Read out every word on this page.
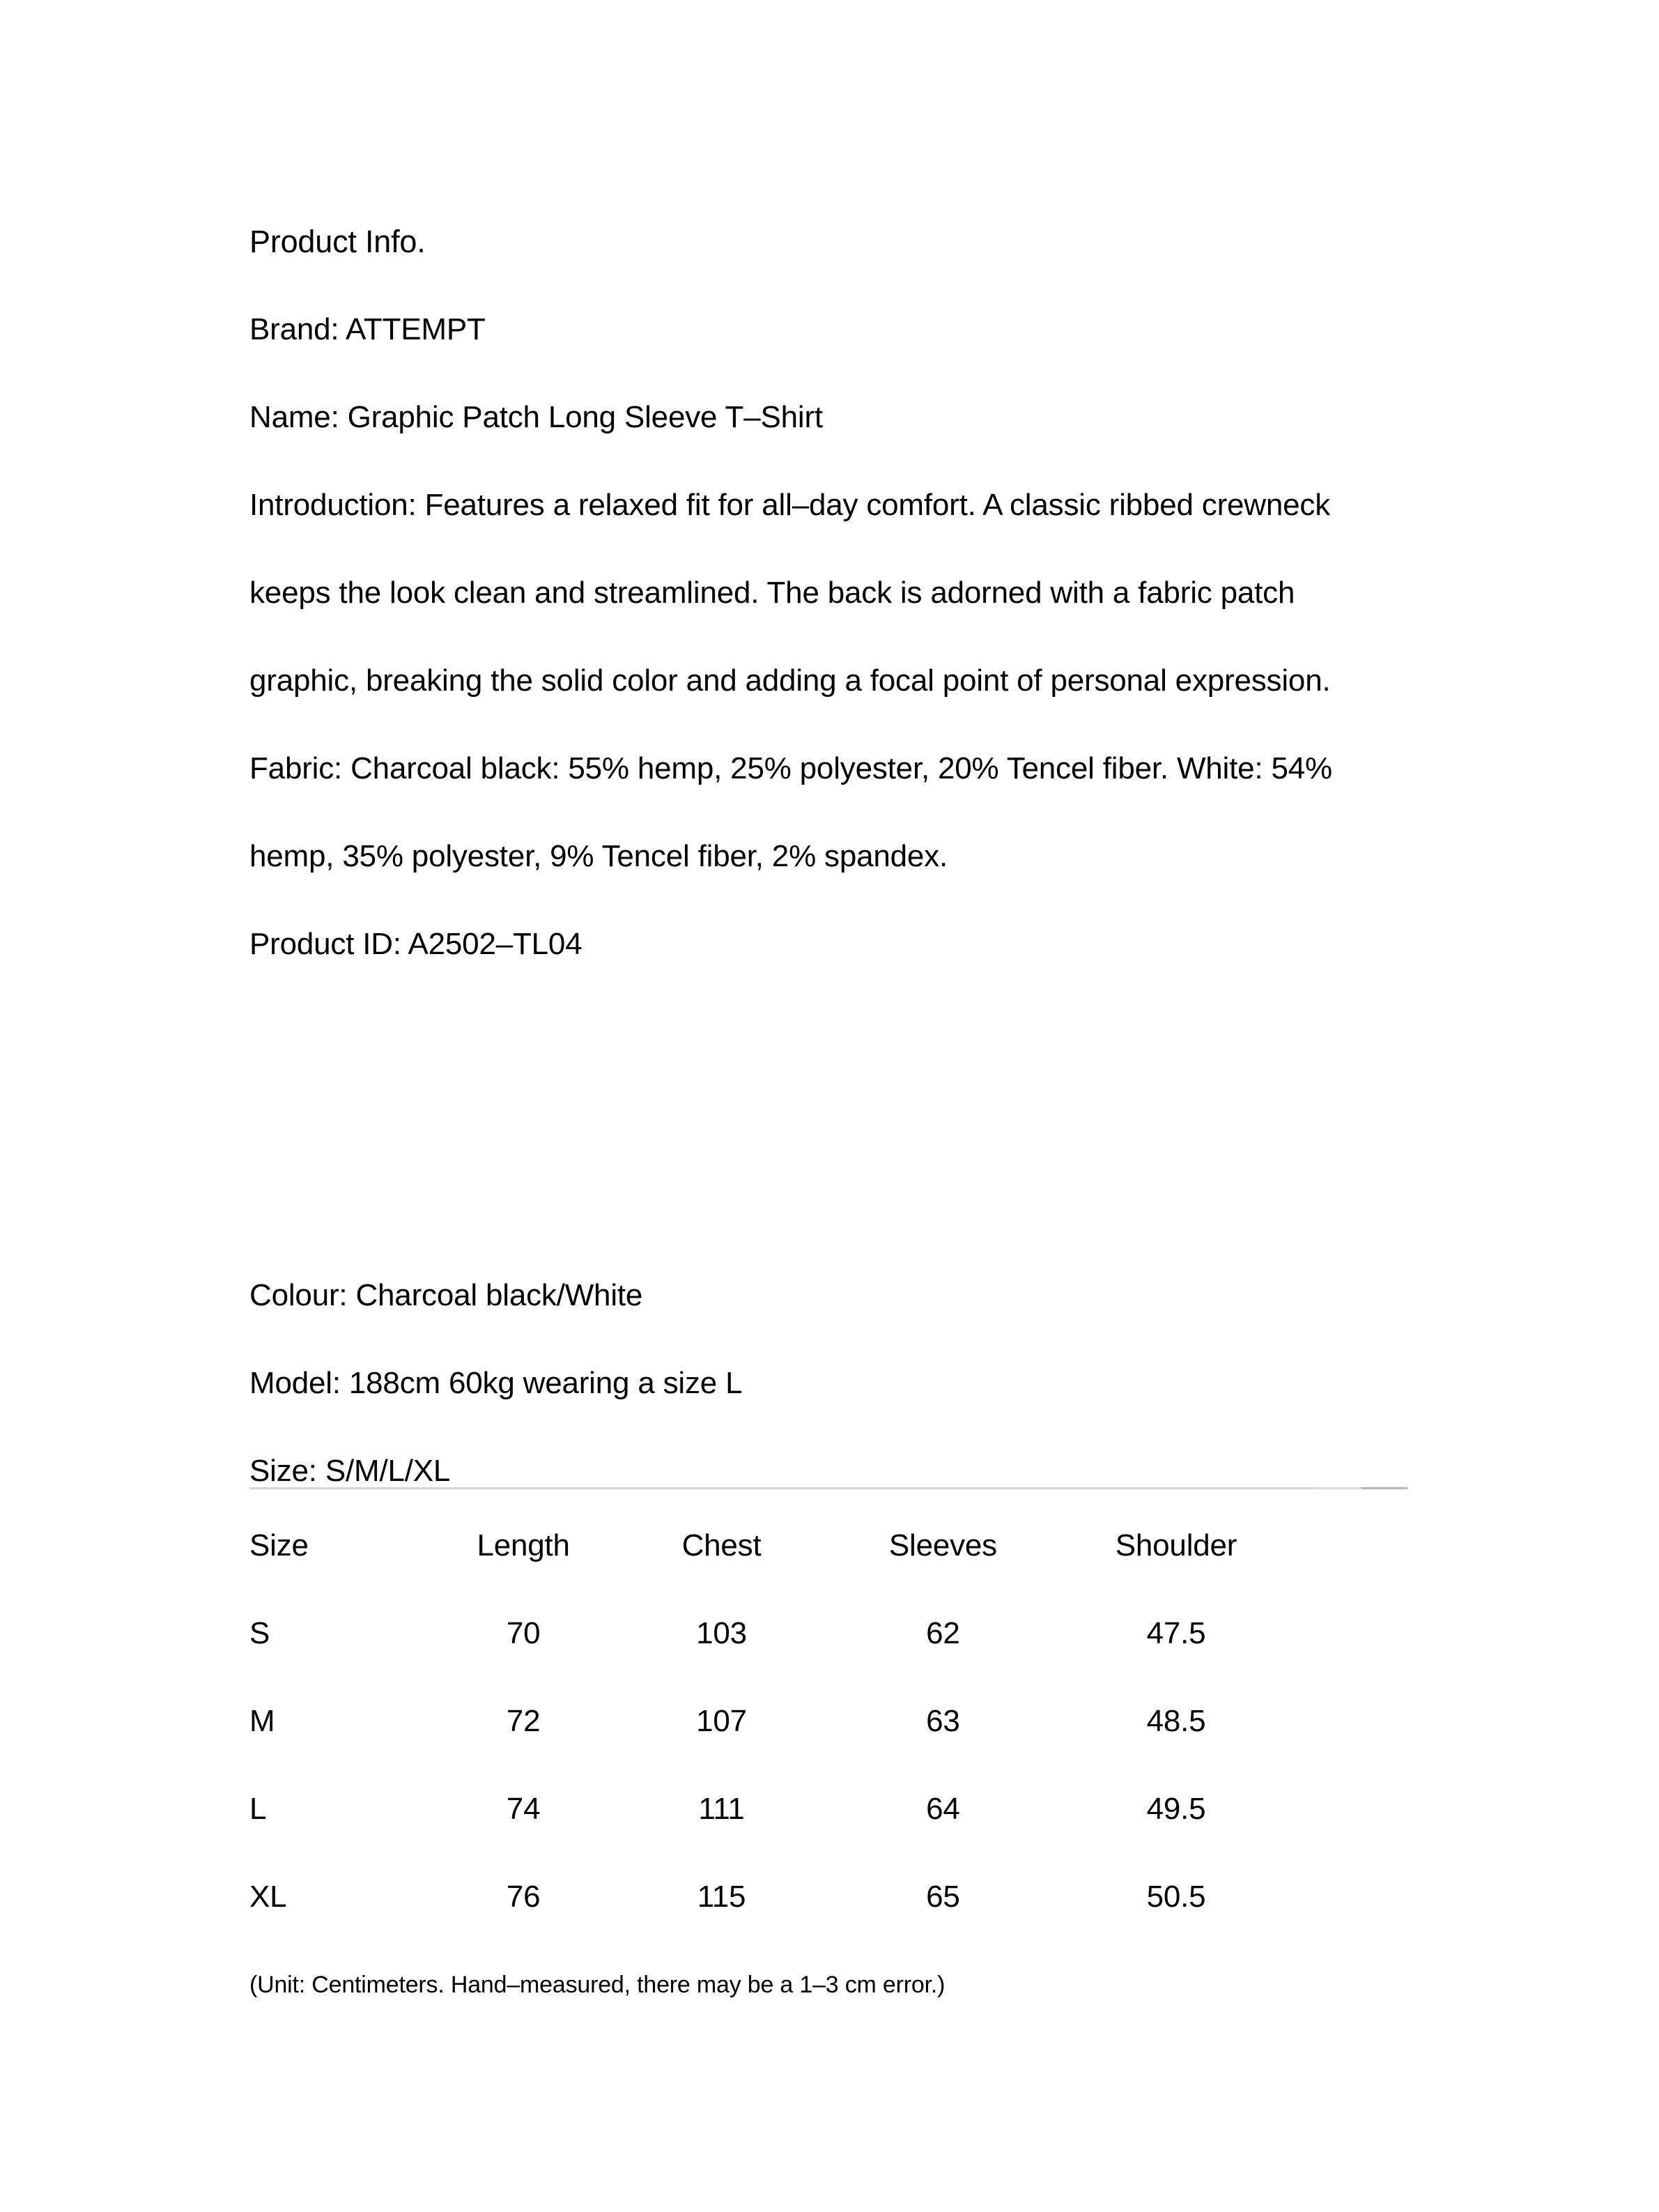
Product Info.

Brand: ATTEMPT

Name: Graphic Patch Long Sleeve T–Shirt

Introduction: Features a relaxed fit for all–day comfort. A classic ribbed crewneck

keeps the look clean and streamlined. The back is adorned with a fabric patch

graphic, breaking the solid color and adding a focal point of personal expression.

Fabric: Charcoal black: 55% hemp, 25% polyester, 20% Tencel fiber. White: 54%

hemp, 35% polyester, 9% Tencel fiber, 2% spandex.

Product ID: A2502–TL04

Colour: Charcoal black/White

Model: 188cm 60kg wearing a size L

Size: S/M/L/XL

Size	Length	Chest	Sleeves	Shoulder	
S	70	103	62	47.5	
M	72	107	63	48.5	
L	74	111	64	49.5	
XL	76	115	65	50.5	

(Unit: Centimeters. Hand–measured, there may be a 1–3 cm error.)
